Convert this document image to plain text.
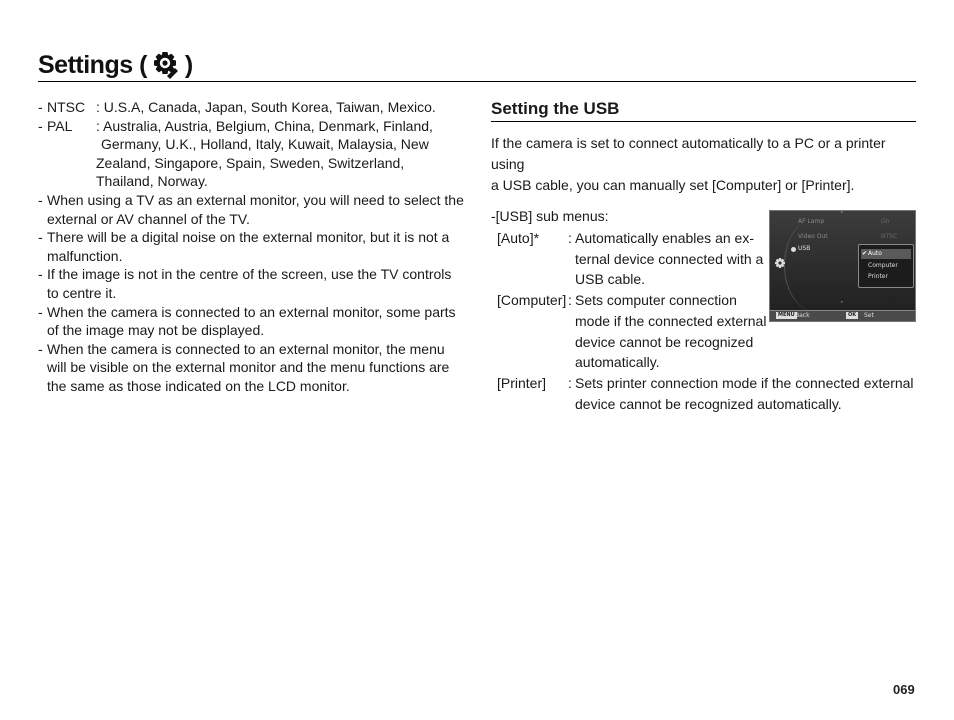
Settings ( )
- NTSC : U.S.A, Canada, Japan, South Korea, Taiwan, Mexico.
- PAL	: Australia, Austria, Belgium, China, Denmark, Finland,
Germany, U.K., Holland, Italy, Kuwait, Malaysia, New
Zealand, Singapore, Spain, Sweden, Switzerland,
Thailand, Norway.
- When using a TV as an external monitor, you will need to select the
external or AV channel of the TV.
- There will be a digital noise on the external monitor, but it is not a
malfunction.
- If the image is not in the centre of the screen, use the TV controls
to centre it.
- When the camera is connected to an external monitor, some parts
of the image may not be displayed.
- When the camera is connected to an external monitor, the menu
will be visible on the external monitor and the menu functions are
the same as those indicated on the LCD monitor.
Setting the USB
If the camera is set to connect automatically to a PC or a printer using
a USB cable, you can manually set [Computer] or [Printer].
-[USB] sub menus:
[Auto]*	: Automatically enables an ex-
ternal device connected with a
USB cable.
[Computer] : Sets computer connection
mode if the connected external
device cannot be recognized
automatically.
[Printer]	: Sets printer connection mode if the connected external
device cannot be recognized automatically.
ˆ
AF Lamp	On
Video Out	NTSC
USB
✔ Auto
Computer
Printer
ˇ
MENU Back	OK	Set
069
